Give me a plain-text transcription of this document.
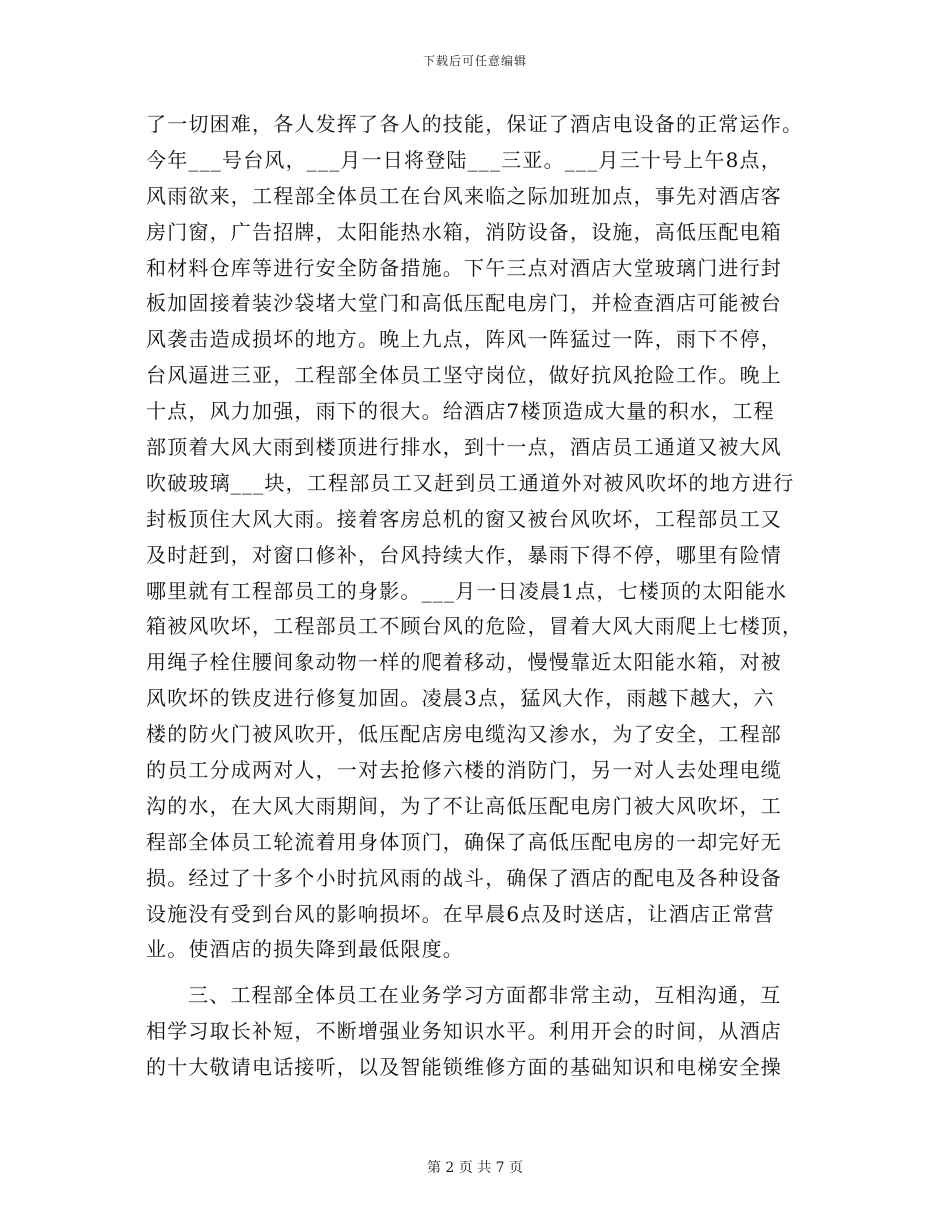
下载后可任意编辑
了一切困难，各人发挥了各人的技能，保证了酒店电设备的正常运作。
今年___号台风，___月一日将登陆___三亚。___月三十号上午8点，
风雨欲来，工程部全体员工在台风来临之际加班加点，事先对酒店客
房门窗，广告招牌，太阳能热水箱，消防设备，设施，高低压配电箱
和材料仓库等进行安全防备措施。下午三点对酒店大堂玻璃门进行封
板加固接着装沙袋堵大堂门和高低压配电房门，并检查酒店可能被台
风袭击造成损坏的地方。晚上九点，阵风一阵猛过一阵，雨下不停，
台风逼进三亚，工程部全体员工坚守岗位，做好抗风抢险工作。晚上
十点，风力加强，雨下的很大。给酒店7楼顶造成大量的积水，工程
部顶着大风大雨到楼顶进行排水，到十一点，酒店员工通道又被大风
吹破玻璃___块，工程部员工又赶到员工通道外对被风吹坏的地方进行
封板顶住大风大雨。接着客房总机的窗又被台风吹坏，工程部员工又
及时赶到，对窗口修补，台风持续大作，暴雨下得不停，哪里有险情
哪里就有工程部员工的身影。___月一日凌晨1点，七楼顶的太阳能水
箱被风吹坏，工程部员工不顾台风的危险，冒着大风大雨爬上七楼顶，
用绳子栓住腰间象动物一样的爬着移动，慢慢靠近太阳能水箱，对被
风吹坏的铁皮进行修复加固。凌晨3点，猛风大作，雨越下越大，六
楼的防火门被风吹开，低压配店房电缆沟又渗水，为了安全，工程部
的员工分成两对人，一对去抢修六楼的消防门，另一对人去处理电缆
沟的水，在大风大雨期间，为了不让高低压配电房门被大风吹坏，工
程部全体员工轮流着用身体顶门，确保了高低压配电房的一却完好无
损。经过了十多个小时抗风雨的战斗，确保了酒店的配电及各种设备
设施没有受到台风的影响损坏。在早晨6点及时送店，让酒店正常营
业。使酒店的损失降到最低限度。
三、工程部全体员工在业务学习方面都非常主动，互相沟通，互
相学习取长补短，不断增强业务知识水平。利用开会的时间，从酒店
的十大敬请电话接听，以及智能锁维修方面的基础知识和电梯安全操
第 2 页 共 7 页
